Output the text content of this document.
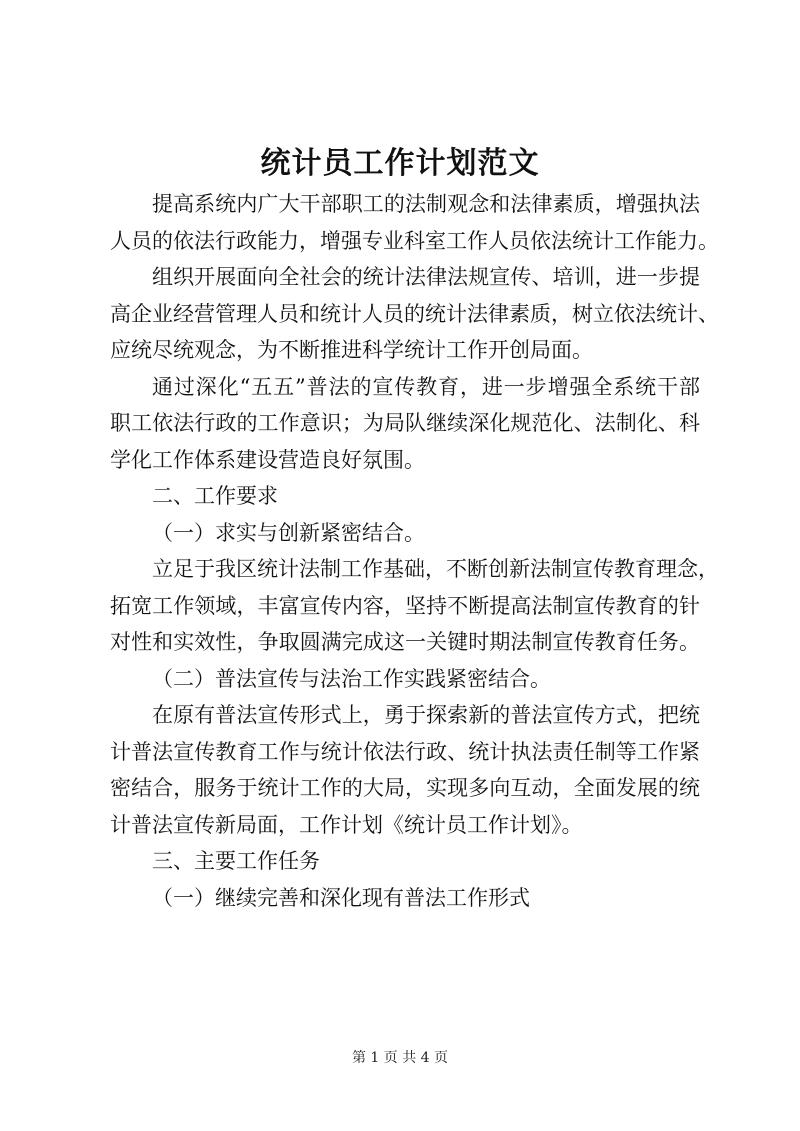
统计员工作计划范文
提高系统内广大干部职工的法制观念和法律素质，增强执法
人员的依法行政能力，增强专业科室工作人员依法统计工作能力。
组织开展面向全社会的统计法律法规宣传、培训，进一步提
高企业经营管理人员和统计人员的统计法律素质，树立依法统计、
应统尽统观念，为不断推进科学统计工作开创局面。
通过深化“五五”普法的宣传教育，进一步增强全系统干部
职工依法行政的工作意识；为局队继续深化规范化、法制化、科
学化工作体系建设营造良好氛围。
二、工作要求
（一）求实与创新紧密结合。
立足于我区统计法制工作基础，不断创新法制宣传教育理念，
拓宽工作领域，丰富宣传内容，坚持不断提高法制宣传教育的针
对性和实效性，争取圆满完成这一关键时期法制宣传教育任务。
（二）普法宣传与法治工作实践紧密结合。
在原有普法宣传形式上，勇于探索新的普法宣传方式，把统
计普法宣传教育工作与统计依法行政、统计执法责任制等工作紧
密结合，服务于统计工作的大局，实现多向互动，全面发展的统
计普法宣传新局面，工作计划《统计员工作计划》。
三、主要工作任务
（一）继续完善和深化现有普法工作形式
第 1 页 共 4 页
